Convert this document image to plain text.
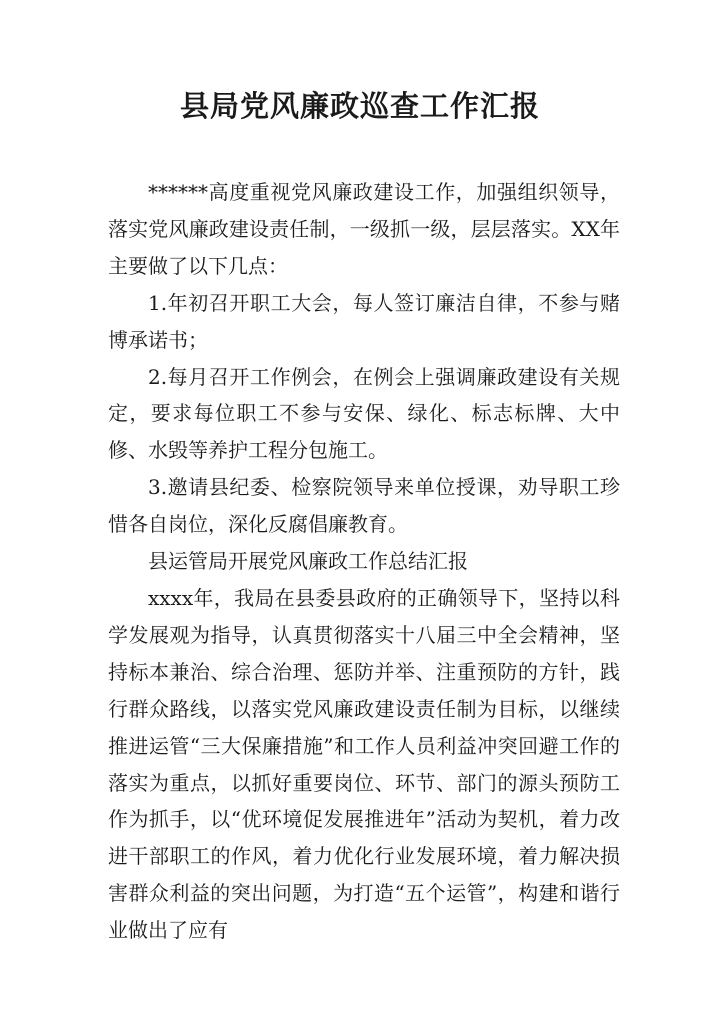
县局党风廉政巡查工作汇报

******高度重视党风廉政建设工作，加强组织领导，落实党风廉政建设责任制，一级抓一级，层层落实。XX年主要做了以下几点：

1.年初召开职工大会，每人签订廉洁自律，不参与赌博承诺书；

2.每月召开工作例会，在例会上强调廉政建设有关规定，要求每位职工不参与安保、绿化、标志标牌、大中修、水毁等养护工程分包施工。

3.邀请县纪委、检察院领导来单位授课，劝导职工珍惜各自岗位，深化反腐倡廉教育。

县运管局开展党风廉政工作总结汇报

xxxx年，我局在县委县政府的正确领导下，坚持以科学发展观为指导，认真贯彻落实十八届三中全会精神，坚持标本兼治、综合治理、惩防并举、注重预防的方针，践行群众路线，以落实党风廉政建设责任制为目标，以继续推进运管“三大保廉措施”和工作人员利益冲突回避工作的落实为重点，以抓好重要岗位、环节、部门的源头预防工作为抓手，以“优环境促发展推进年”活动为契机，着力改进干部职工的作风，着力优化行业发展环境，着力解决损害群众利益的突出问题，为打造“五个运管”，构建和谐行业做出了应有
